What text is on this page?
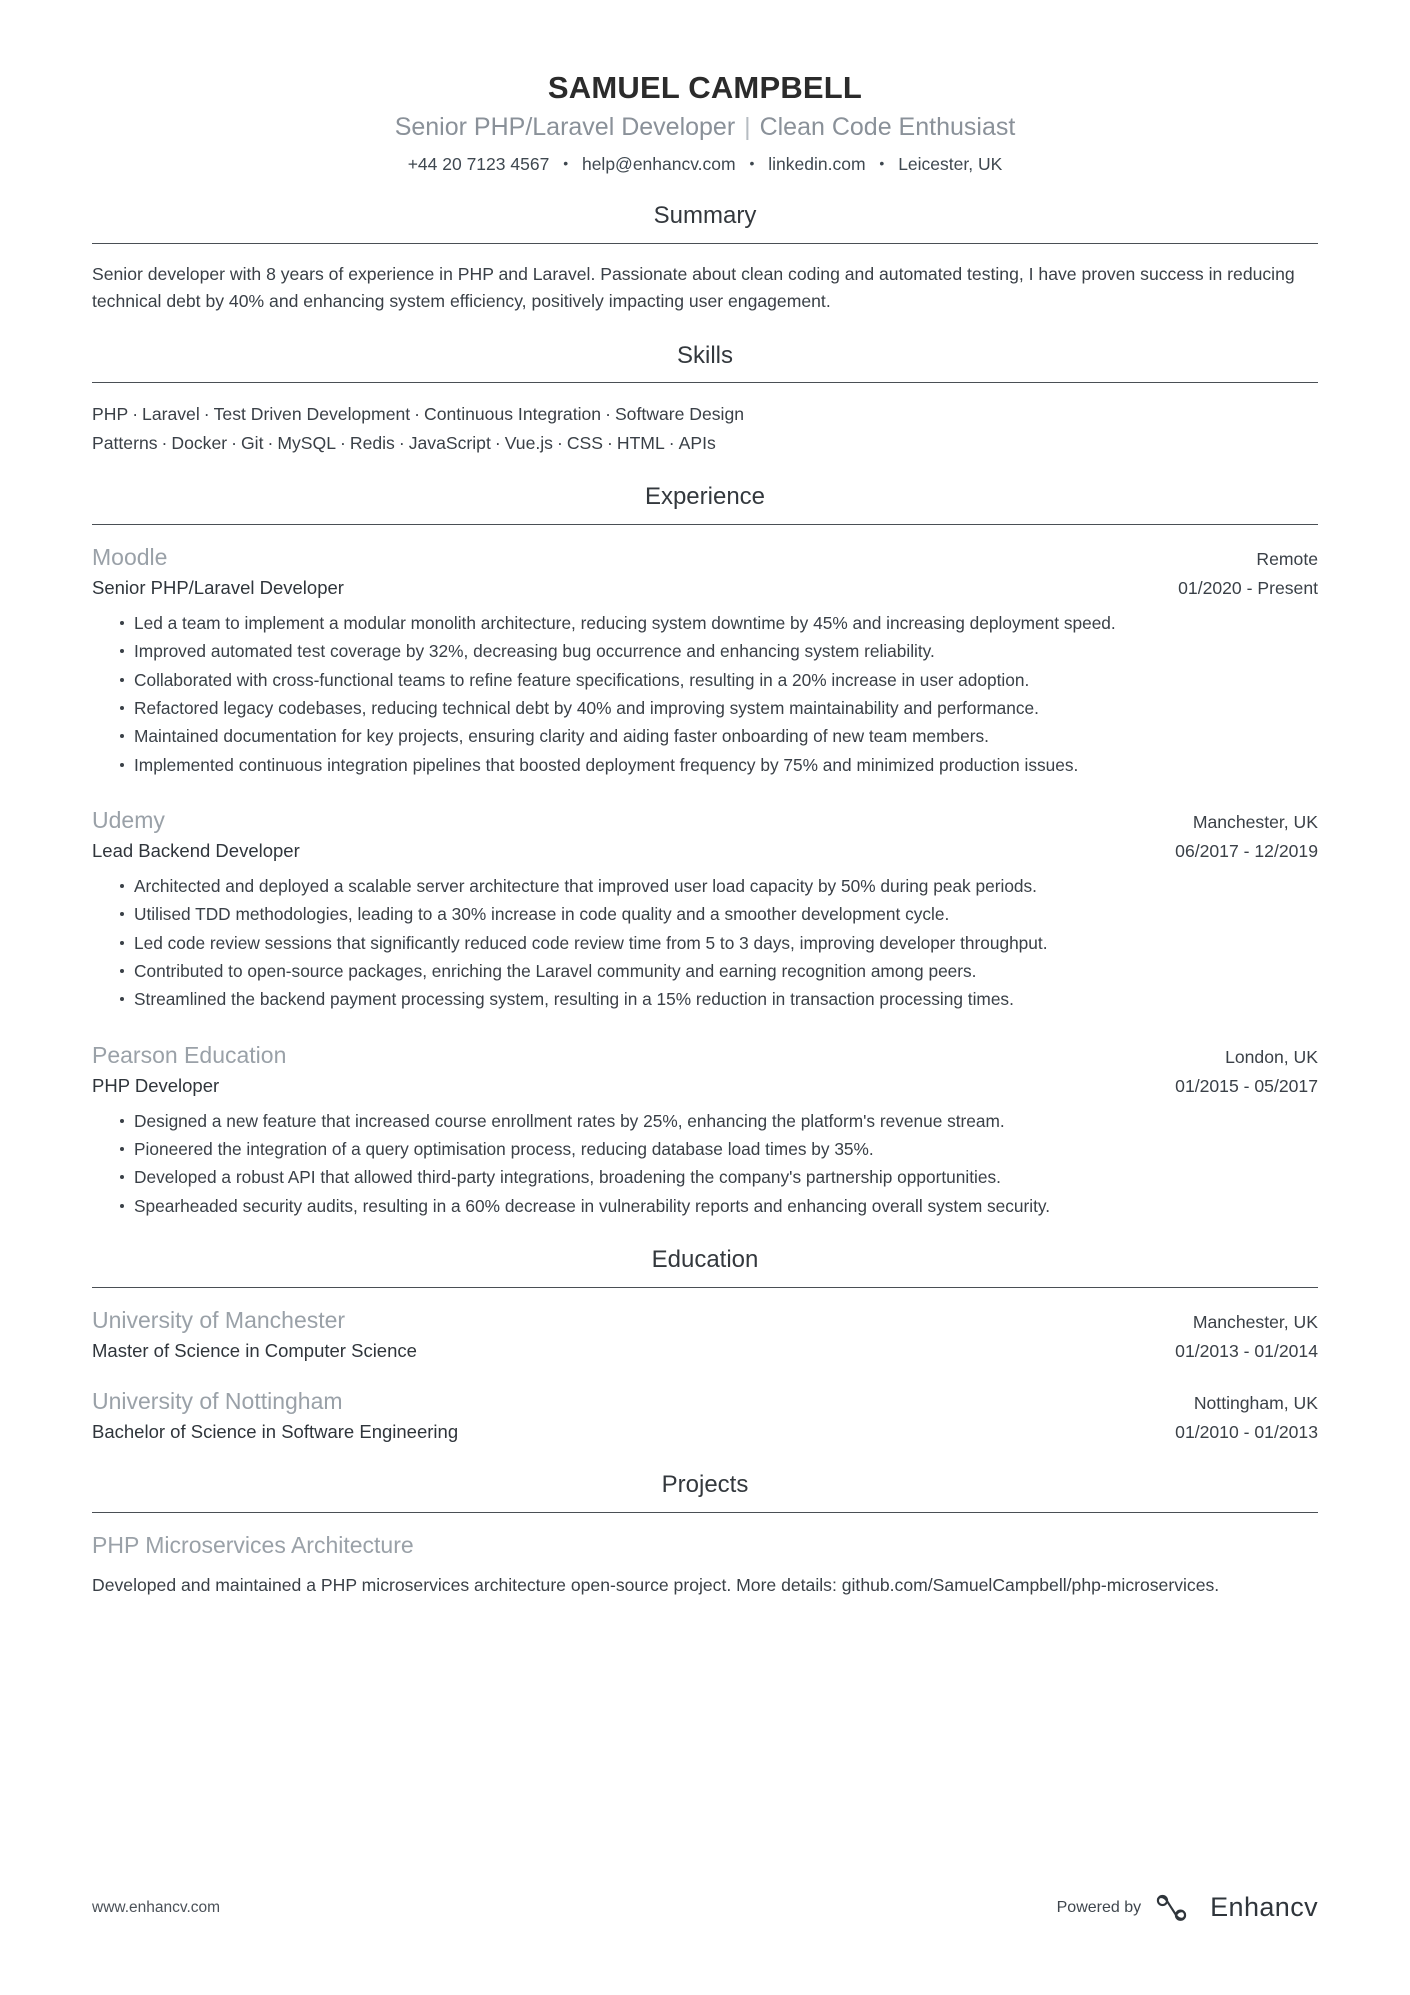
SAMUEL CAMPBELL
Senior PHP/Laravel Developer | Clean Code Enthusiast
+44 20 7123 4567 • help@enhancv.com • linkedin.com • Leicester, UK
Summary

Senior developer with 8 years of experience in PHP and Laravel. Passionate about clean coding and automated testing, I have proven success in reducing technical debt by 40% and enhancing system efficiency, positively impacting user engagement.

Skills
PHP · Laravel · Test Driven Development · Continuous Integration · Software Design Patterns · Docker · Git · MySQL · Redis · JavaScript · Vue.js · CSS · HTML · APIs
Experience
Moodle	Remote
Senior PHP/Laravel Developer	01/2020 - Present
Led a team to implement a modular monolith architecture, reducing system downtime by 45% and increasing deployment speed.
Improved automated test coverage by 32%, decreasing bug occurrence and enhancing system reliability.
Collaborated with cross-functional teams to refine feature specifications, resulting in a 20% increase in user adoption.
Refactored legacy codebases, reducing technical debt by 40% and improving system maintainability and performance.
Maintained documentation for key projects, ensuring clarity and aiding faster onboarding of new team members.
Implemented continuous integration pipelines that boosted deployment frequency by 75% and minimized production issues.
Udemy	Manchester, UK
Lead Backend Developer	06/2017 - 12/2019
Architected and deployed a scalable server architecture that improved user load capacity by 50% during peak periods.
Utilised TDD methodologies, leading to a 30% increase in code quality and a smoother development cycle.
Led code review sessions that significantly reduced code review time from 5 to 3 days, improving developer throughput.
Contributed to open-source packages, enriching the Laravel community and earning recognition among peers.
Streamlined the backend payment processing system, resulting in a 15% reduction in transaction processing times.
Pearson Education	London, UK
PHP Developer	01/2015 - 05/2017
Designed a new feature that increased course enrollment rates by 25%, enhancing the platform's revenue stream.
Pioneered the integration of a query optimisation process, reducing database load times by 35%.
Developed a robust API that allowed third-party integrations, broadening the company's partnership opportunities.
Spearheaded security audits, resulting in a 60% decrease in vulnerability reports and enhancing overall system security.
Education
University of Manchester	Manchester, UK
Master of Science in Computer Science	01/2013 - 01/2014
University of Nottingham	Nottingham, UK
Bachelor of Science in Software Engineering	01/2010 - 01/2013
Projects
PHP Microservices Architecture
Developed and maintained a PHP microservices architecture open-source project. More details: github.com/SamuelCampbell/php-microservices.
www.enhancv.com	Powered by	Enhancv
